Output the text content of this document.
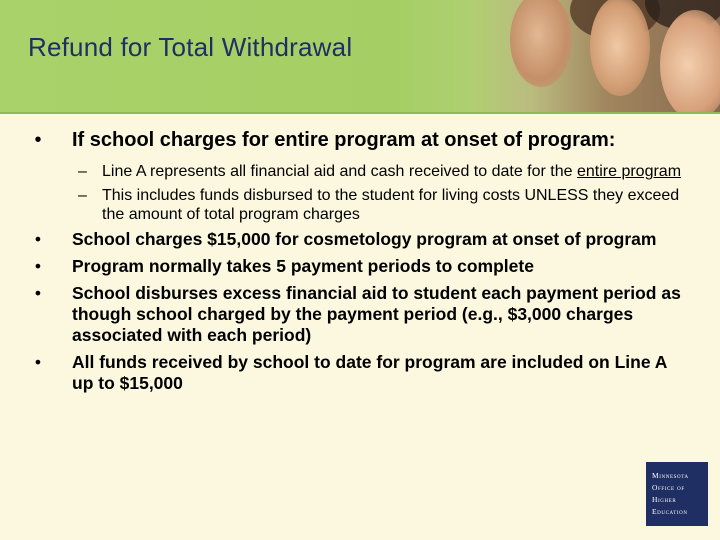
Refund for Total Withdrawal
•	If school charges for entire program at onset of program:
– Line A represents all financial aid and cash received to date for the entire program
– This includes funds disbursed to the student for living costs UNLESS they exceed the amount of total program charges
•	School charges $15,000 for cosmetology program at onset of program
•	Program normally takes 5 payment periods to complete
•	School disburses excess financial aid to student each payment period as though school charged by the payment period (e.g., $3,000 charges associated with each period)
•	All funds received by school to date for program are included on Line A up to $15,000
Minnesota
Office of
Higher
Education
